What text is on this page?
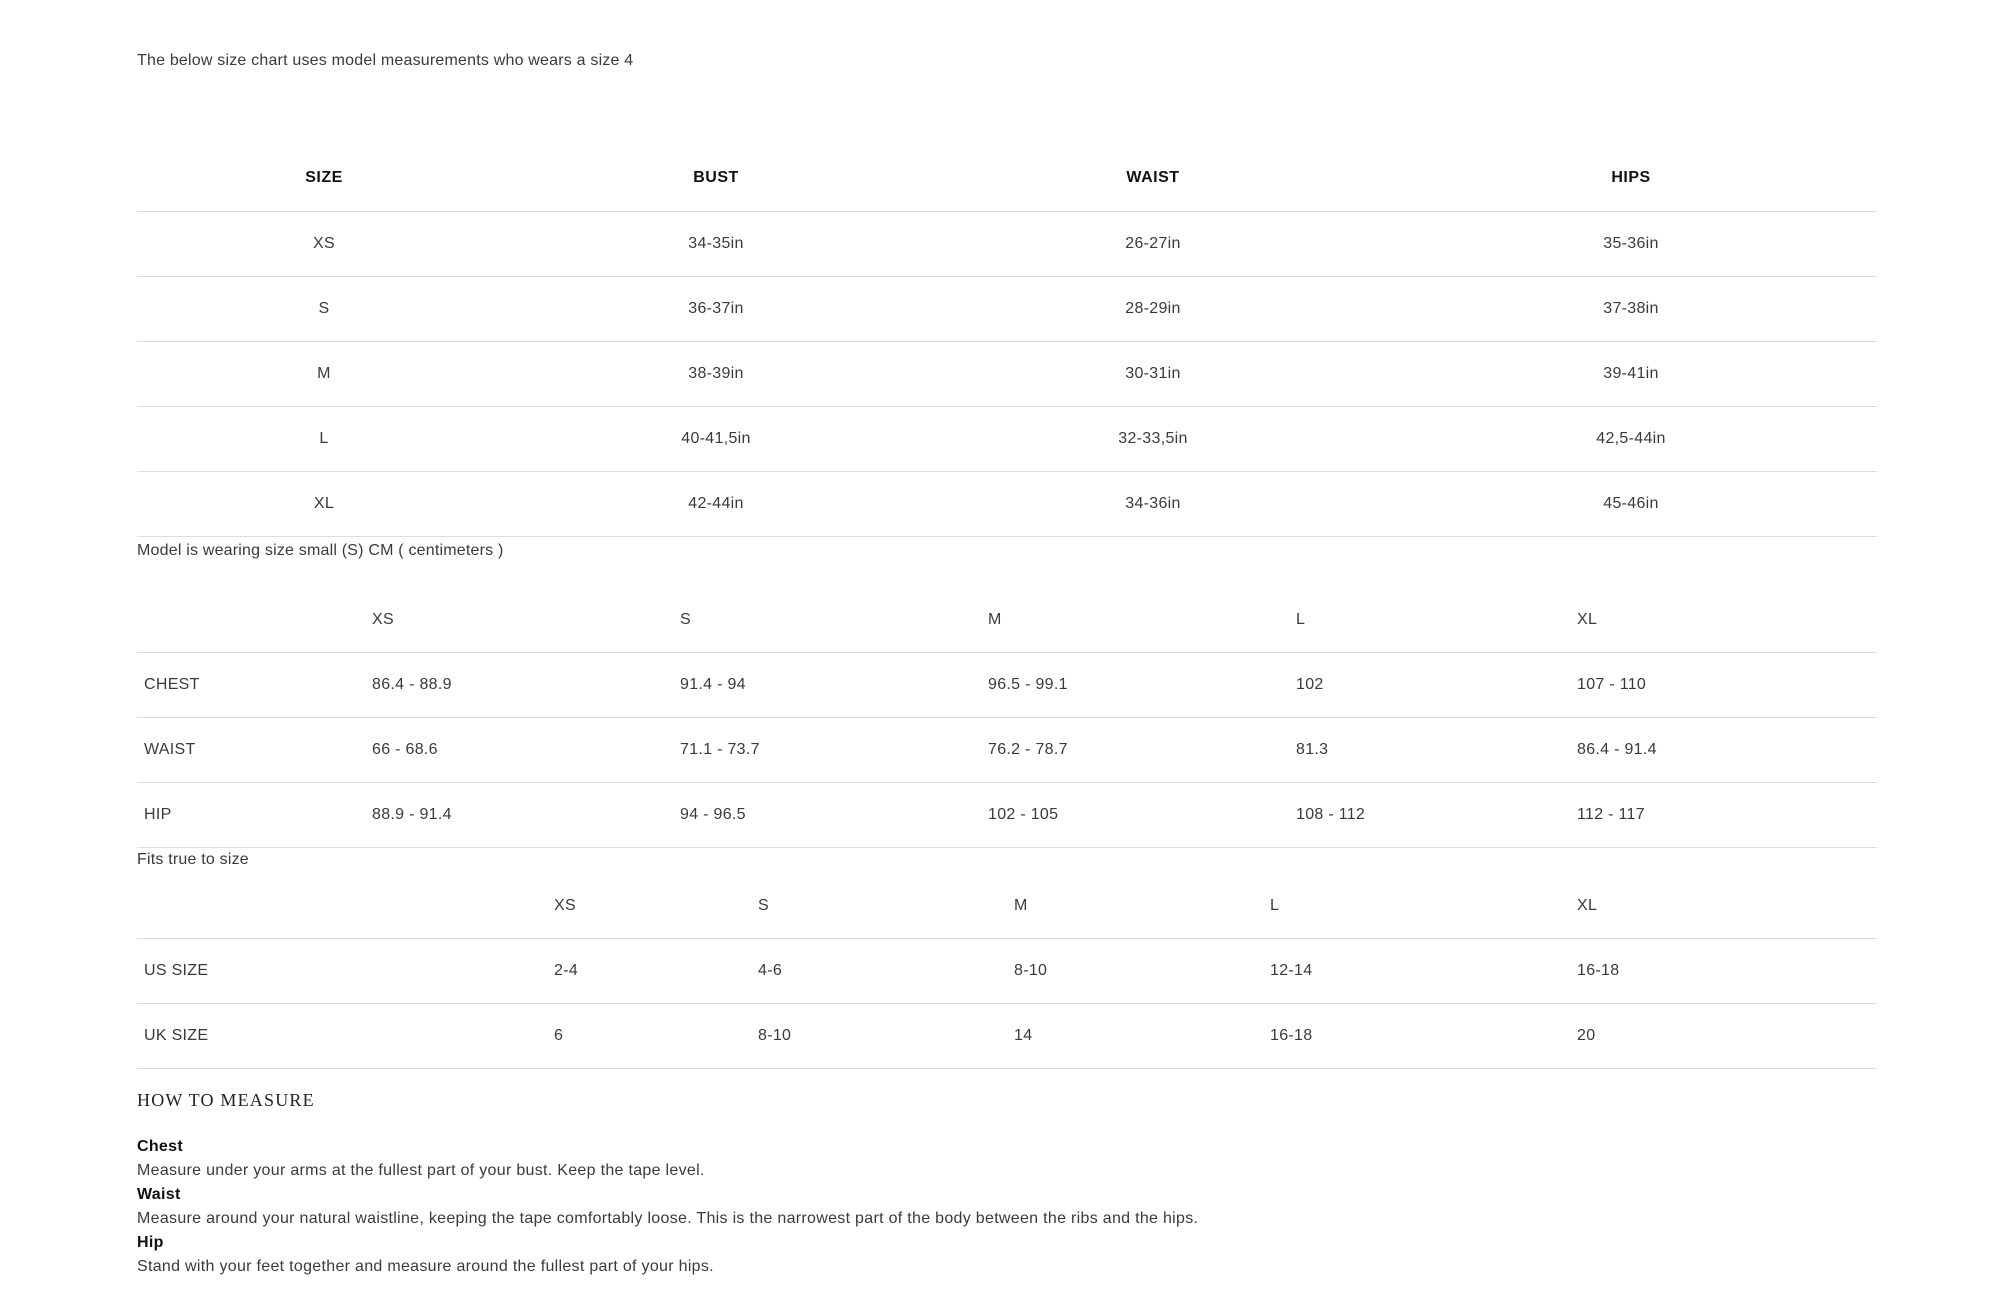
The below size chart uses model measurements who wears a size 4

SIZE	BUST	WAIST	HIPS
XS	34-35in	26-27in	35-36in
S	36-37in	28-29in	37-38in
M	38-39in	30-31in	39-41in
L	40-41,5in	32-33,5in	42,5-44in
XL	42-44in	34-36in	45-46in

Model is wearing size small (S) CM ( centimeters )

	XS	S	M	L	XL
CHEST	86.4 - 88.9	91.4 - 94	96.5 - 99.1	102	107 - 110
WAIST	66 - 68.6	71.1 - 73.7	76.2 - 78.7	81.3	86.4 - 91.4
HIP	88.9 - 91.4	94 - 96.5	102 - 105	108 - 112	112 - 117

Fits true to size

	XS	S	M	L	XL
US SIZE	2-4	4-6	8-10	12-14	16-18
UK SIZE	6	8-10	14	16-18	20
HOW TO MEASURE
Chest
Measure under your arms at the fullest part of your bust. Keep the tape level.
Waist
Measure around your natural waistline, keeping the tape comfortably loose. This is the narrowest part of the body between the ribs and the hips.
Hip
Stand with your feet together and measure around the fullest part of your hips.
